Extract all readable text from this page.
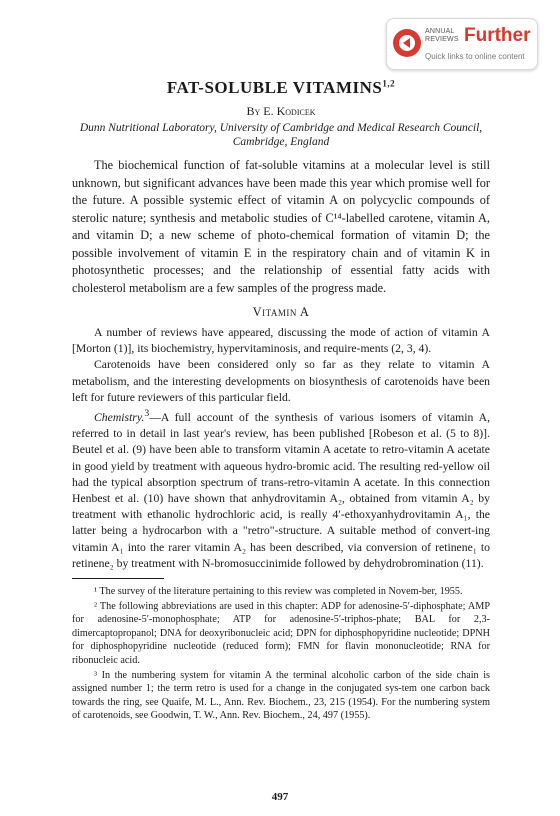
ANNUAL
REVIEWS Further
Quick links to online content
FAT-SOLUBLE VITAMINS$^{1,2}$
By E. Kodicek
Dunn Nutritional Laboratory, University of Cambridge and Medical Research Council,
Cambridge, England

The biochemical function of fat-soluble vitamins at a molecular level is still unknown, but significant advances have been made this year which promise well for the future. A possible systemic effect of vitamin A on polycyclic compounds of sterolic nature; synthesis and metabolic studies of C¹⁴-labelled carotene, vitamin A, and vitamin D; a new scheme of photo-chemical formation of vitamin D; the possible involvement of vitamin E in the respiratory chain and of vitamin K in photosynthetic processes; and the relationship of essential fatty acids with cholesterol metabolism are a few samples of the progress made.

Vitamin A

A number of reviews have appeared, discussing the mode of action of vitamin A [Morton (1)], its biochemistry, hypervitaminosis, and require-ments (2, 3, 4).

Carotenoids have been considered only so far as they relate to vitamin A metabolism, and the interesting developments on biosynthesis of carotenoids have been left for future reviewers of this particular field.

Chemistry.$^3$—A full account of the synthesis of various isomers of vitamin A, referred to in detail in last year's review, has been published [Robeson et al. (5 to 8)]. Beutel et al. (9) have been able to transform vitamin A acetate to retro-vitamin A acetate in good yield by treatment with aqueous hydro-bromic acid. The resulting red-yellow oil had the typical absorption spectrum of trans-retro-vitamin A acetate. In this connection Henbest et al. (10) have shown that anhydrovitamin A₂, obtained from vitamin A₂ by treatment with ethanolic hydrochloric acid, is really 4′-ethoxyanhydrovitamin A₁, the latter being a hydrocarbon with a "retro"-structure. A suitable method of convert-ing vitamin A₁ into the rarer vitamin A₂ has been described, via conversion of retinene₁ to retinene₂ by treatment with N-bromosuccinimide followed by dehydrobromination (11).

¹ The survey of the literature pertaining to this review was completed in Novem-ber, 1955.

² The following abbreviations are used in this chapter: ADP for adenosine-5′-diphosphate; AMP for adenosine-5′-monophosphate; ATP for adenosine-5′-triphos-phate; BAL for 2,3-dimercaptopropanol; DNA for deoxyribonucleic acid; DPN for diphosphopyridine nucleotide; DPNH for diphosphopyridine nucleotide (reduced form); FMN for flavin mononucleotide; RNA for ribonucleic acid.

³ In the numbering system for vitamin A the terminal alcoholic carbon of the side chain is assigned number 1; the term retro is used for a change in the conjugated sys-tem one carbon back towards the ring, see Quaife, M. L., Ann. Rev. Biochem., 23, 215 (1954). For the numbering system of carotenoids, see Goodwin, T. W., Ann. Rev. Biochem., 24, 497 (1955).

497
